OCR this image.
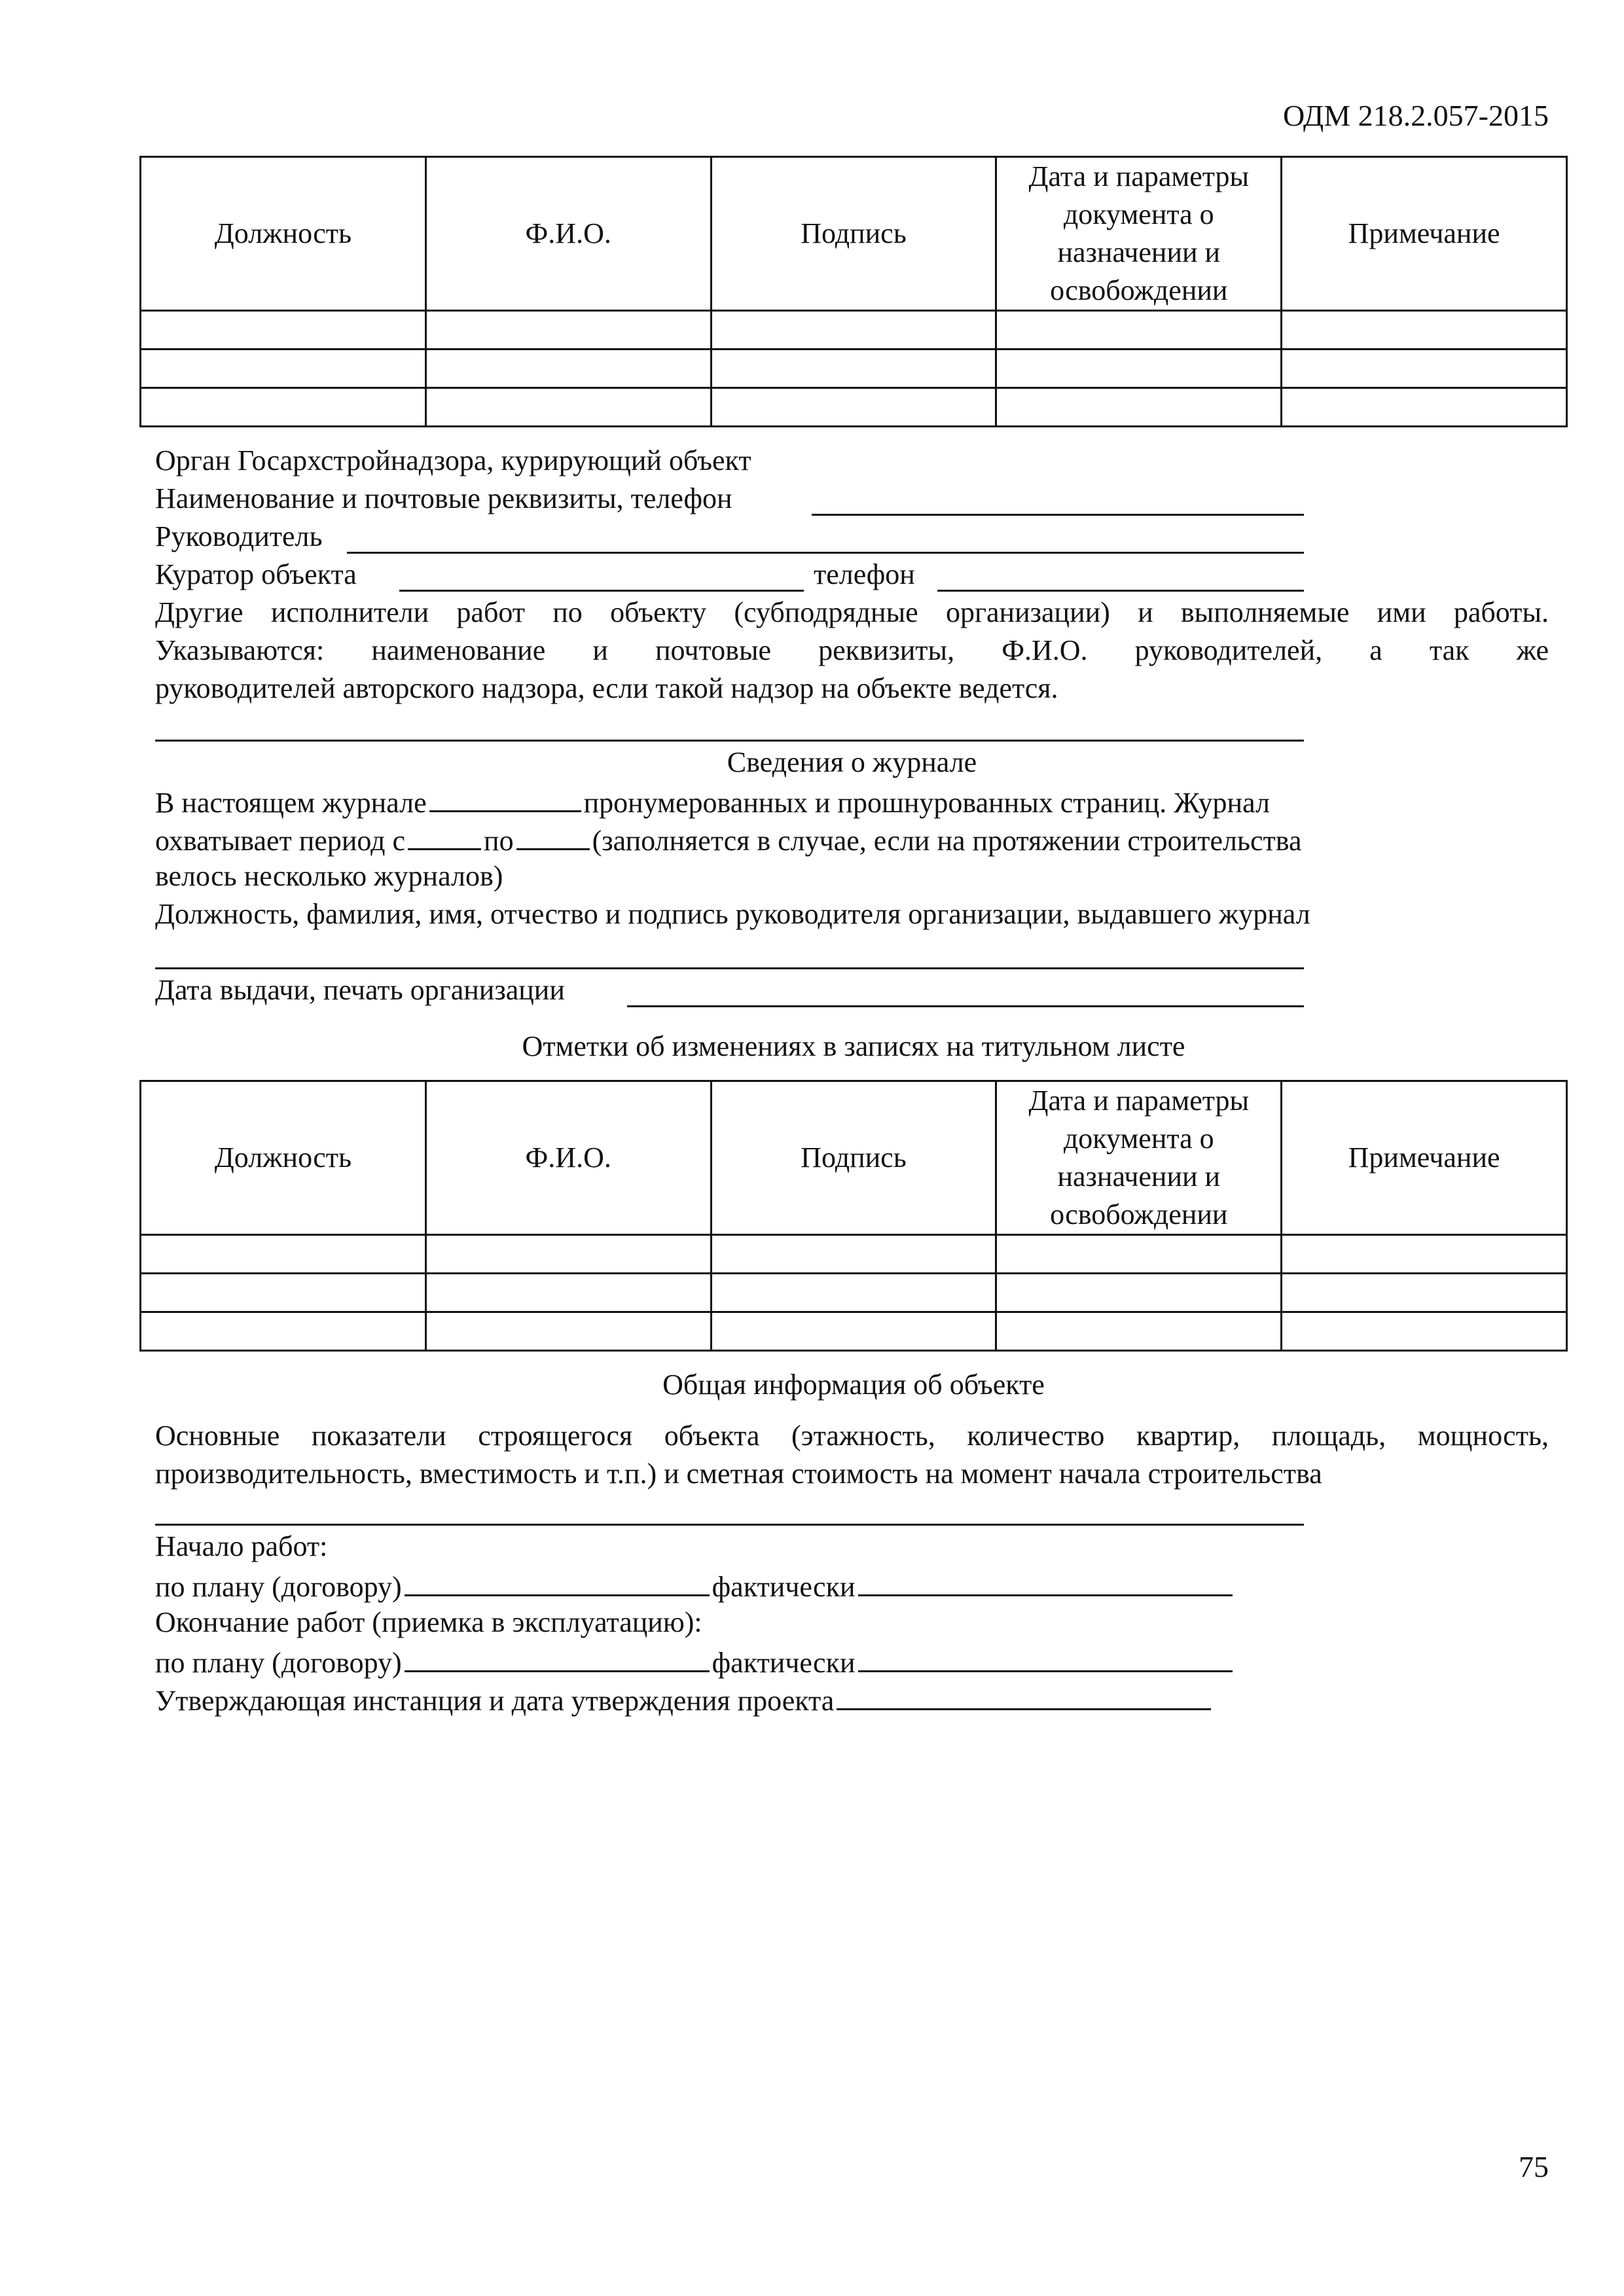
ОДМ 218.2.057-2015
Должность	Ф.И.О.	Подпись	Дата и параметры документа о назначении и освобождении	Примечание

Орган Госархстройнадзора, курирующий объект
Наименование и почтовые реквизиты, телефон
Руководитель
Куратор объекта	телефон
Другие исполнители работ по объекту (субподрядные организации) и выполняемые ими работы.
Указываются: наименование и почтовые реквизиты, Ф.И.О. руководителей, а так же
руководителей авторского надзора, если такой надзор на объекте ведется.
Сведения о журнале
В настоящем журнале	пронумерованных и прошнурованных страниц. Журнал
охватывает период с	по	(заполняется в случае, если на протяжении строительства
велось несколько журналов)
Должность, фамилия, имя, отчество и подпись руководителя организации, выдавшего журнал
Дата выдачи, печать организации
Отметки об изменениях в записях на титульном листе
Должность	Ф.И.О.	Подпись	Дата и параметры документа о назначении и освобождении	Примечание

Общая информация об объекте
Основные показатели строящегося объекта (этажность, количество квартир, площадь, мощность,
производительность, вместимость и т.п.) и сметная стоимость на момент начала строительства
Начало работ:
по плану (договору)	фактически
Окончание работ (приемка в эксплуатацию):
по плану (договору)	фактически
Утверждающая инстанция и дата утверждения проекта
75
